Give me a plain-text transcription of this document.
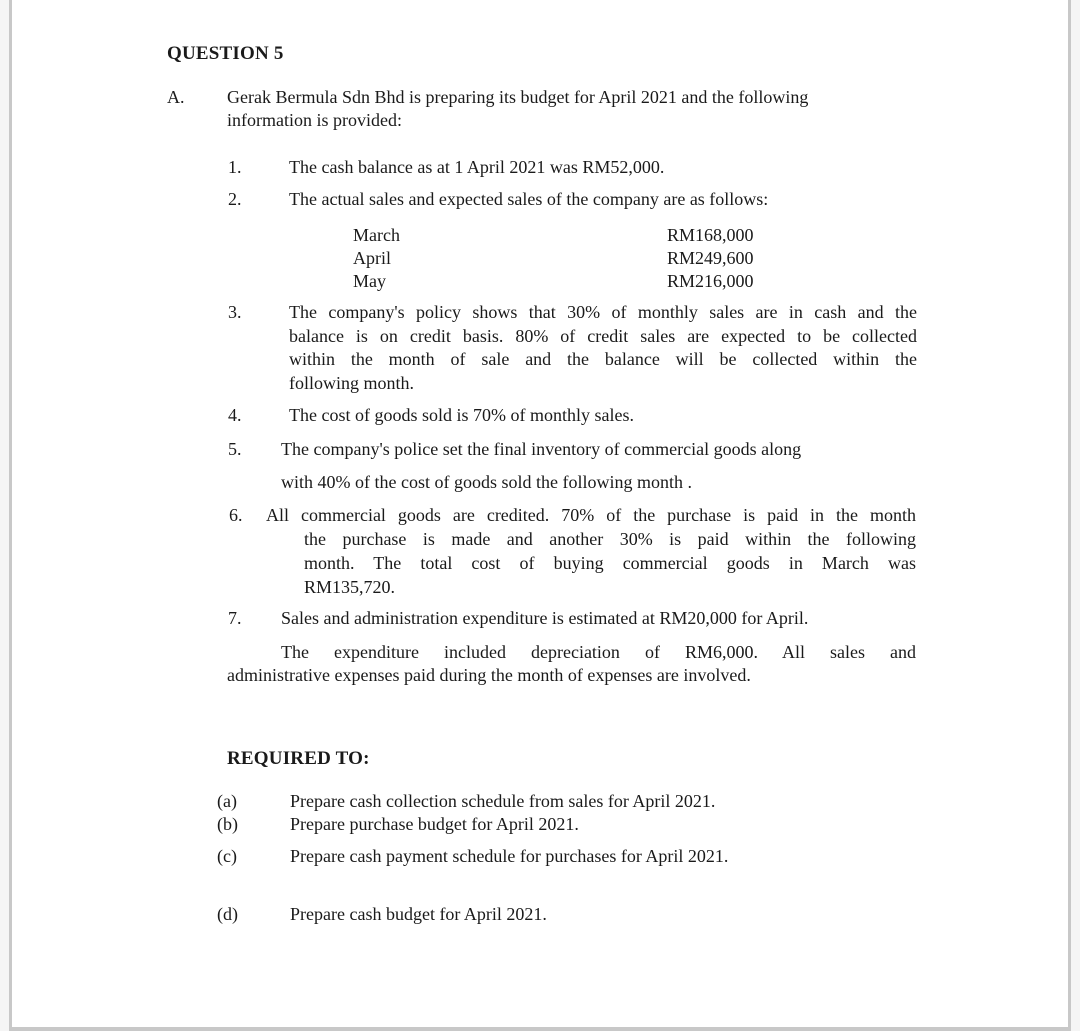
QUESTION 5
A. Gerak Bermula Sdn Bhd is preparing its budget for April 2021 and the following
information is provided:
1.	The cash balance as at 1 April 2021 was RM52,000.
2.	The actual sales and expected sales of the company are as follows:
March	RM168,000
April	RM249,600
May	RM216,000
3.	The company's policy shows that 30% of monthly sales are in cash and the
balance is on credit basis. 80% of credit sales are expected to be collected
within the month of sale and the balance will be collected within the
following month.
4.	The cost of goods sold is 70% of monthly sales.
5. The company's police set the final inventory of commercial goods along
with 40% of the cost of goods sold the following month .
6. All commercial goods are credited. 70% of the purchase is paid in the month
the purchase is made and another 30% is paid within the following
month. The total cost of buying commercial goods in March was
RM135,720.
7. Sales and administration expenditure is estimated at RM20,000 for April.
The expenditure included depreciation of RM6,000. All sales and
administrative expenses paid during the month of expenses are involved.
REQUIRED TO:
(a)	Prepare cash collection schedule from sales for April 2021.
(b)	Prepare purchase budget for April 2021.
(c)	Prepare cash payment schedule for purchases for April 2021.
(d)	Prepare cash budget for April 2021.
